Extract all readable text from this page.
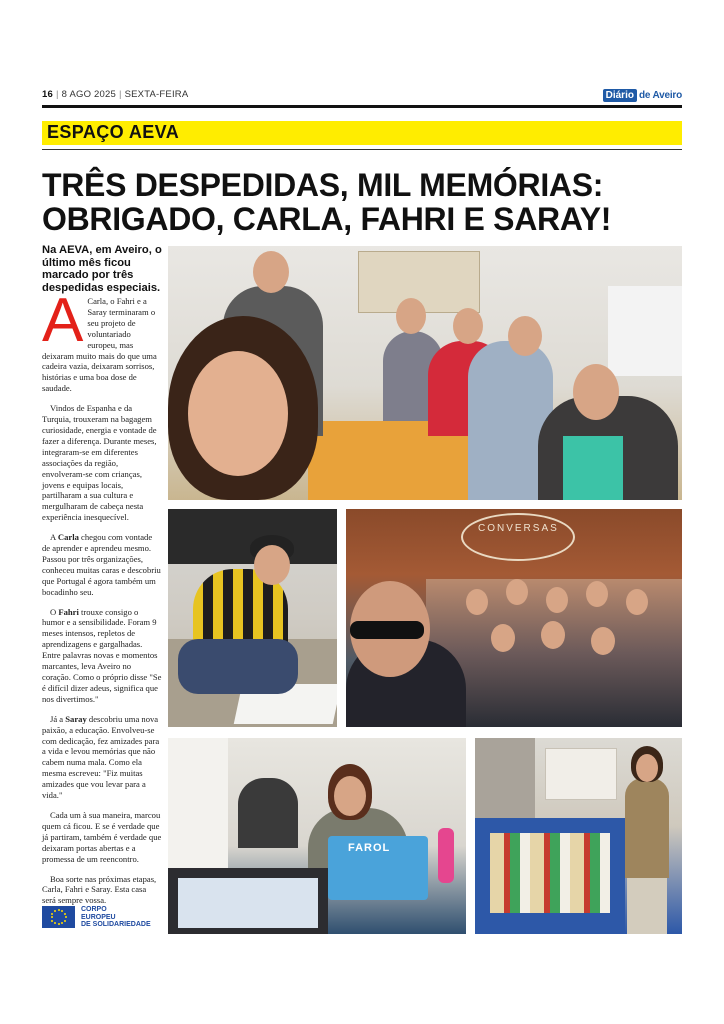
16 | 8 AGO 2025 | SEXTA-FEIRA	Diário de Aveiro
ESPAÇO AEVA
TRÊS DESPEDIDAS, MIL MEMÓRIAS:
OBRIGADO, CARLA, FAHRI E SARAY!
Na AEVA, em Aveiro, o último mês ficou marcado por três despedidas especiais.

A Carla, o Fahri e a Saray terminaram o seu projeto de voluntariado europeu, mas deixaram muito mais do que uma cadeira vazia, deixaram sorrisos, histórias e uma boa dose de saudade.

Vindos de Espanha e da Turquia, trouxeram na bagagem curiosidade, energia e vontade de fazer a diferença. Durante meses, integraram-se em diferentes associações da região, envolveram-se com crianças, jovens e equipas locais, partilharam a sua cultura e mergulharam de cabeça nesta experiência inesquecível.

A Carla chegou com vontade de aprender e aprendeu mesmo. Passou por três organizações, conheceu muitas caras e descobriu que Portugal é agora também um bocadinho seu.

O Fahri trouxe consigo o humor e a sensibilidade. Foram 9 meses intensos, repletos de aprendizagens e gargalhadas. Entre palavras novas e momentos marcantes, leva Aveiro no coração. Como o próprio disse "Se é difícil dizer adeus, significa que nos divertimos."

Já a Saray descobriu uma nova paixão, a educação. Envolveu-se com dedicação, fez amizades para a vida e levou memórias que não cabem numa mala. Como ela mesma escreveu: "Fiz muitas amizades que vou levar para a vida."

Cada um à sua maneira, marcou quem cá ficou. E se é verdade que já partiram, também é verdade que deixaram portas abertas e a promessa de um reencontro.

Boa sorte nas próximas etapas, Carla, Fahri e Saray. Esta casa será sempre vossa.

CORPO
EUROPEU
DE SOLIDARIEDADE
CONVERSAS
FAROL
